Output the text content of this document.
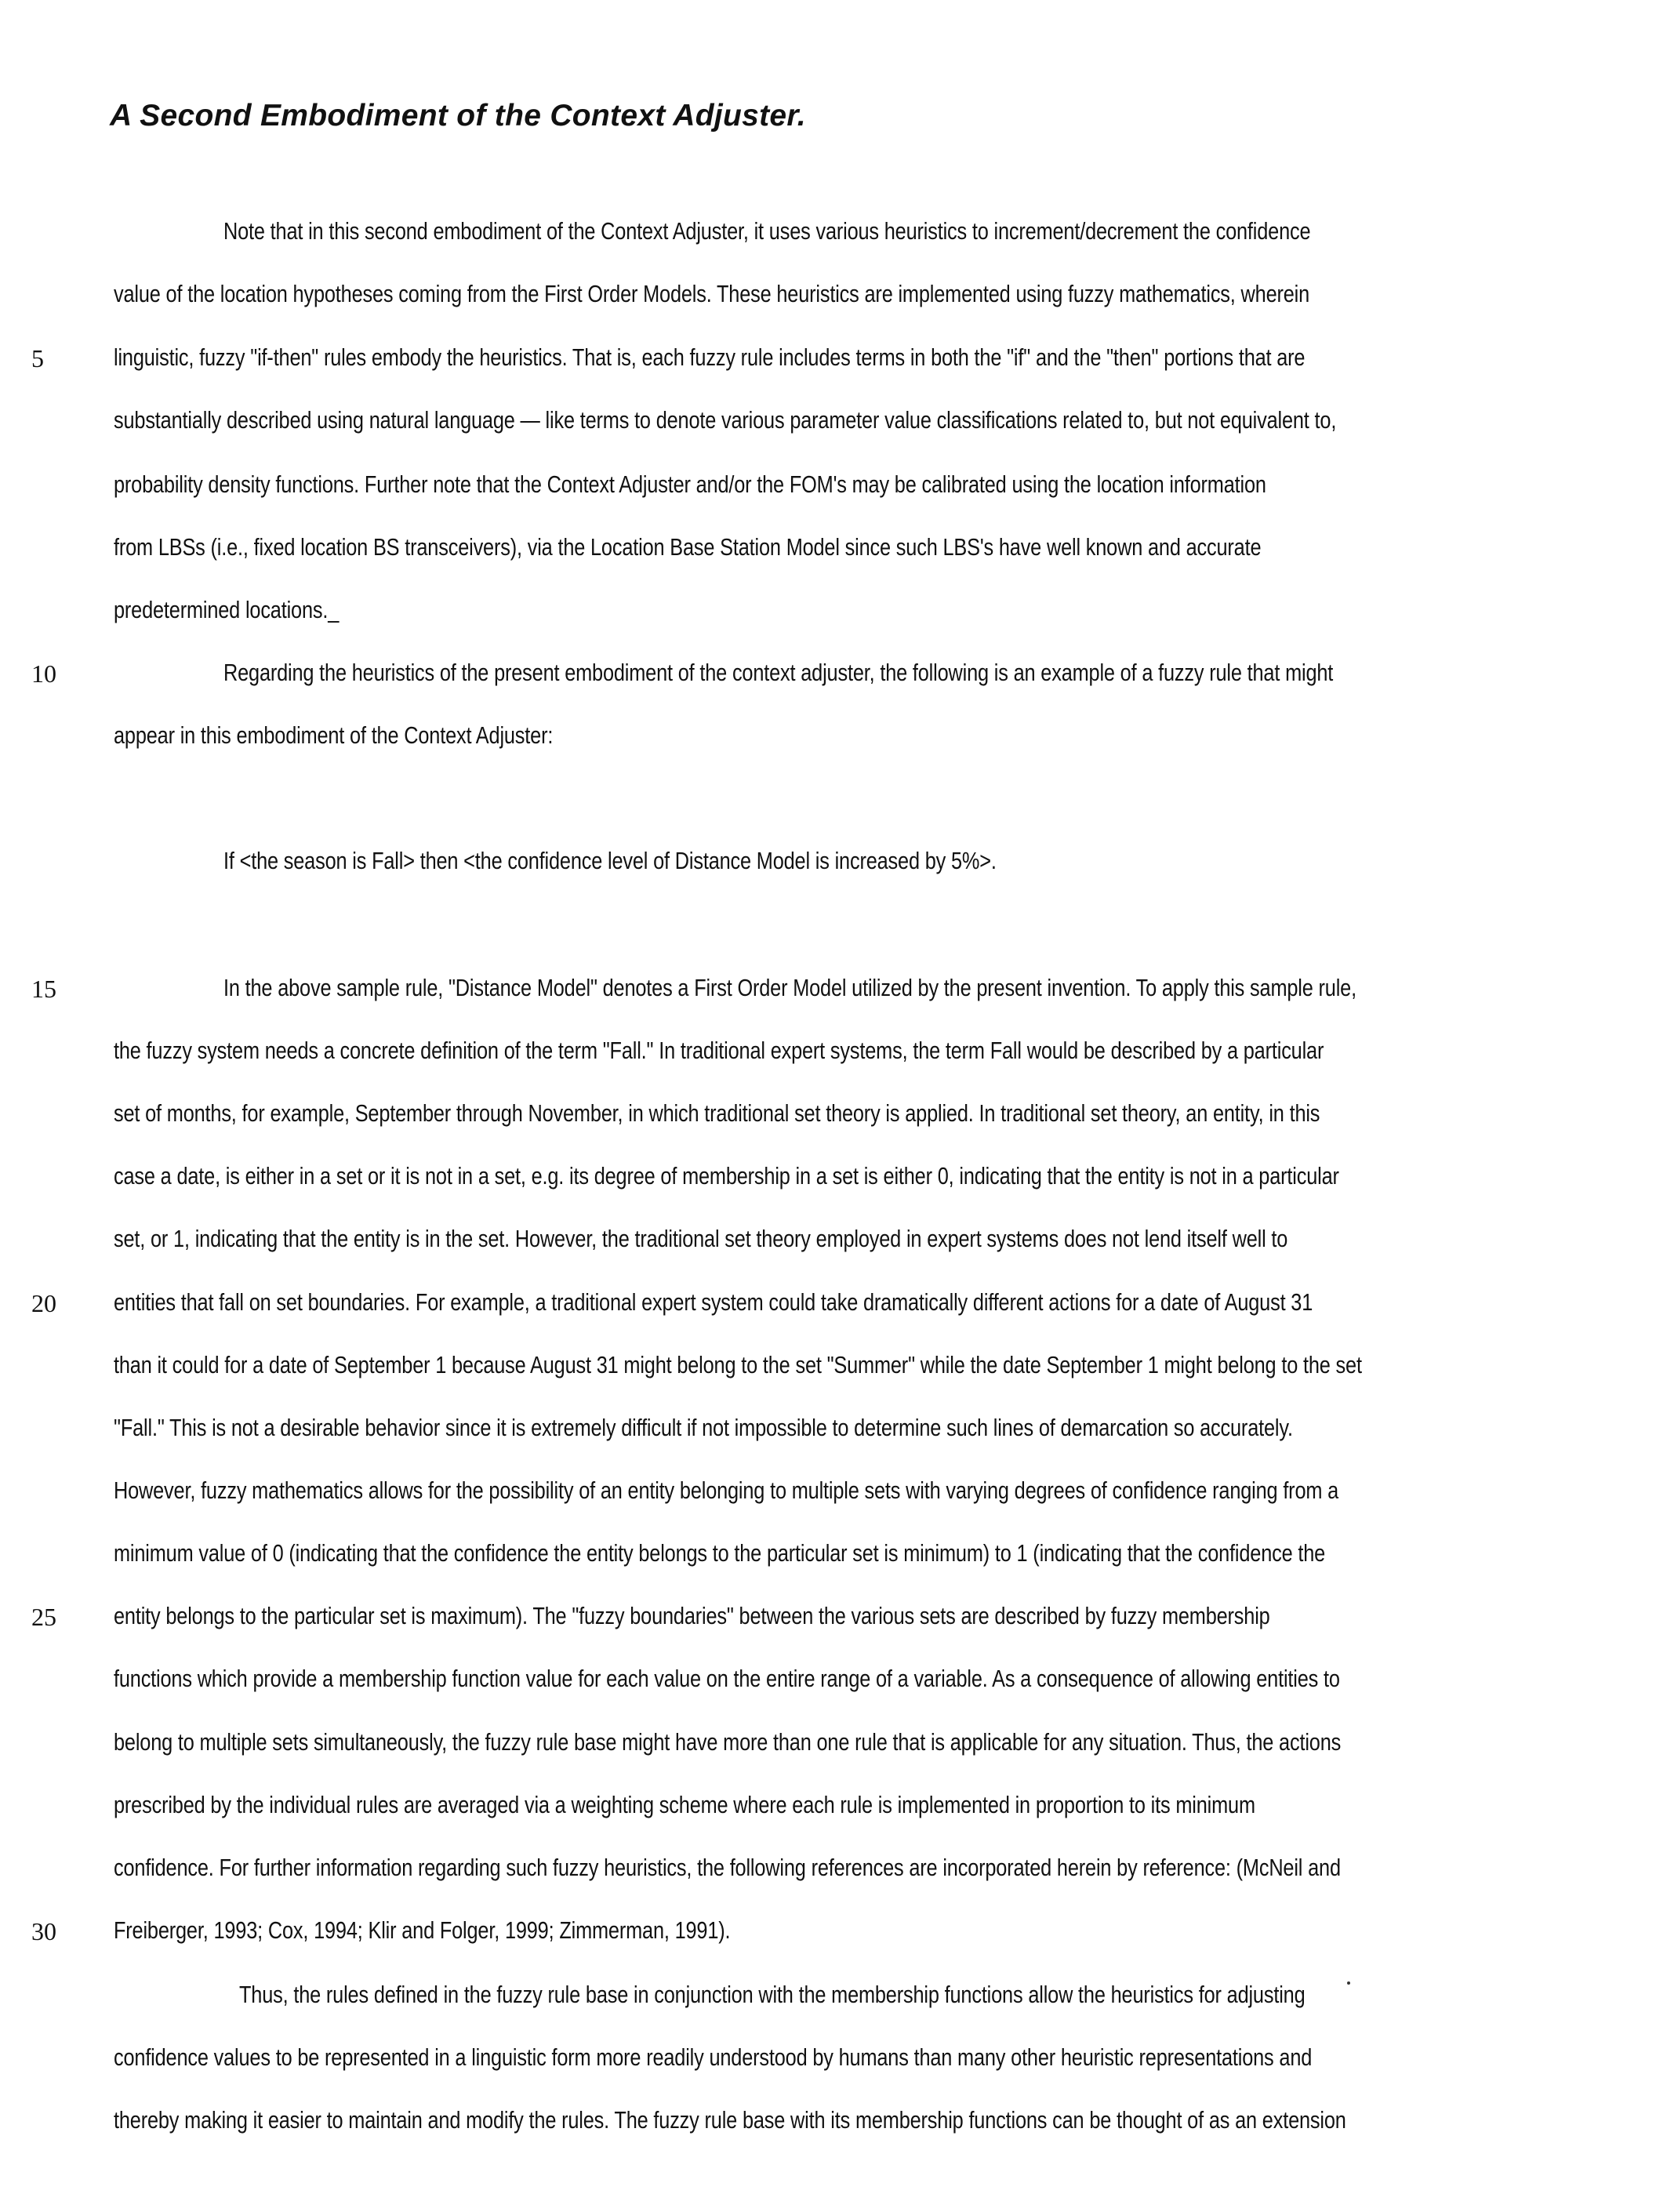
A Second Embodiment of the Context Adjuster.

Note that in this second embodiment of the Context Adjuster, it uses various heuristics to increment/decrement the confidence

value of the location hypotheses coming from the First Order Models. These heuristics are implemented using fuzzy mathematics, wherein

linguistic, fuzzy "if-then" rules embody the heuristics. That is, each fuzzy rule includes terms in both the "if" and the "then" portions that are

substantially described using natural language — like terms to denote various parameter value classifications related to, but not equivalent to,

probability density functions. Further note that the Context Adjuster and/or the FOM's may be calibrated using the location information

from LBSs (i.e., fixed location BS transceivers), via the Location Base Station Model since such LBS's have well known and accurate

predetermined locations._

Regarding the heuristics of the present embodiment of the context adjuster, the following is an example of a fuzzy rule that might

appear in this embodiment of the Context Adjuster:

If <the season is Fall> then <the confidence level of Distance Model is increased by 5%>.

In the above sample rule, "Distance Model" denotes a First Order Model utilized by the present invention. To apply this sample rule,

the fuzzy system needs a concrete definition of the term "Fall." In traditional expert systems, the term Fall would be described by a particular

set of months, for example, September through November, in which traditional set theory is applied. In traditional set theory, an entity, in this

case a date, is either in a set or it is not in a set, e.g. its degree of membership in a set is either 0, indicating that the entity is not in a particular

set, or 1, indicating that the entity is in the set. However, the traditional set theory employed in expert systems does not lend itself well to

entities that fall on set boundaries. For example, a traditional expert system could take dramatically different actions for a date of August 31

than it could for a date of September 1 because August 31 might belong to the set "Summer" while the date September 1 might belong to the set

"Fall." This is not a desirable behavior since it is extremely difficult if not impossible to determine such lines of demarcation so accurately.

However, fuzzy mathematics allows for the possibility of an entity belonging to multiple sets with varying degrees of confidence ranging from a

minimum value of 0 (indicating that the confidence the entity belongs to the particular set is minimum) to 1 (indicating that the confidence the

entity belongs to the particular set is maximum). The "fuzzy boundaries" between the various sets are described by fuzzy membership

functions which provide a membership function value for each value on the entire range of a variable. As a consequence of allowing entities to

belong to multiple sets simultaneously, the fuzzy rule base might have more than one rule that is applicable for any situation. Thus, the actions

prescribed by the individual rules are averaged via a weighting scheme where each rule is implemented in proportion to its minimum

confidence. For further information regarding such fuzzy heuristics, the following references are incorporated herein by reference: (McNeil and

Freiberger, 1993; Cox, 1994; Klir and Folger, 1999; Zimmerman, 1991).

Thus, the rules defined in the fuzzy rule base in conjunction with the membership functions allow the heuristics for adjusting

confidence values to be represented in a linguistic form more readily understood by humans than many other heuristic representations and

thereby making it easier to maintain and modify the rules. The fuzzy rule base with its membership functions can be thought of as an extension

5

10

15

20

25

30
